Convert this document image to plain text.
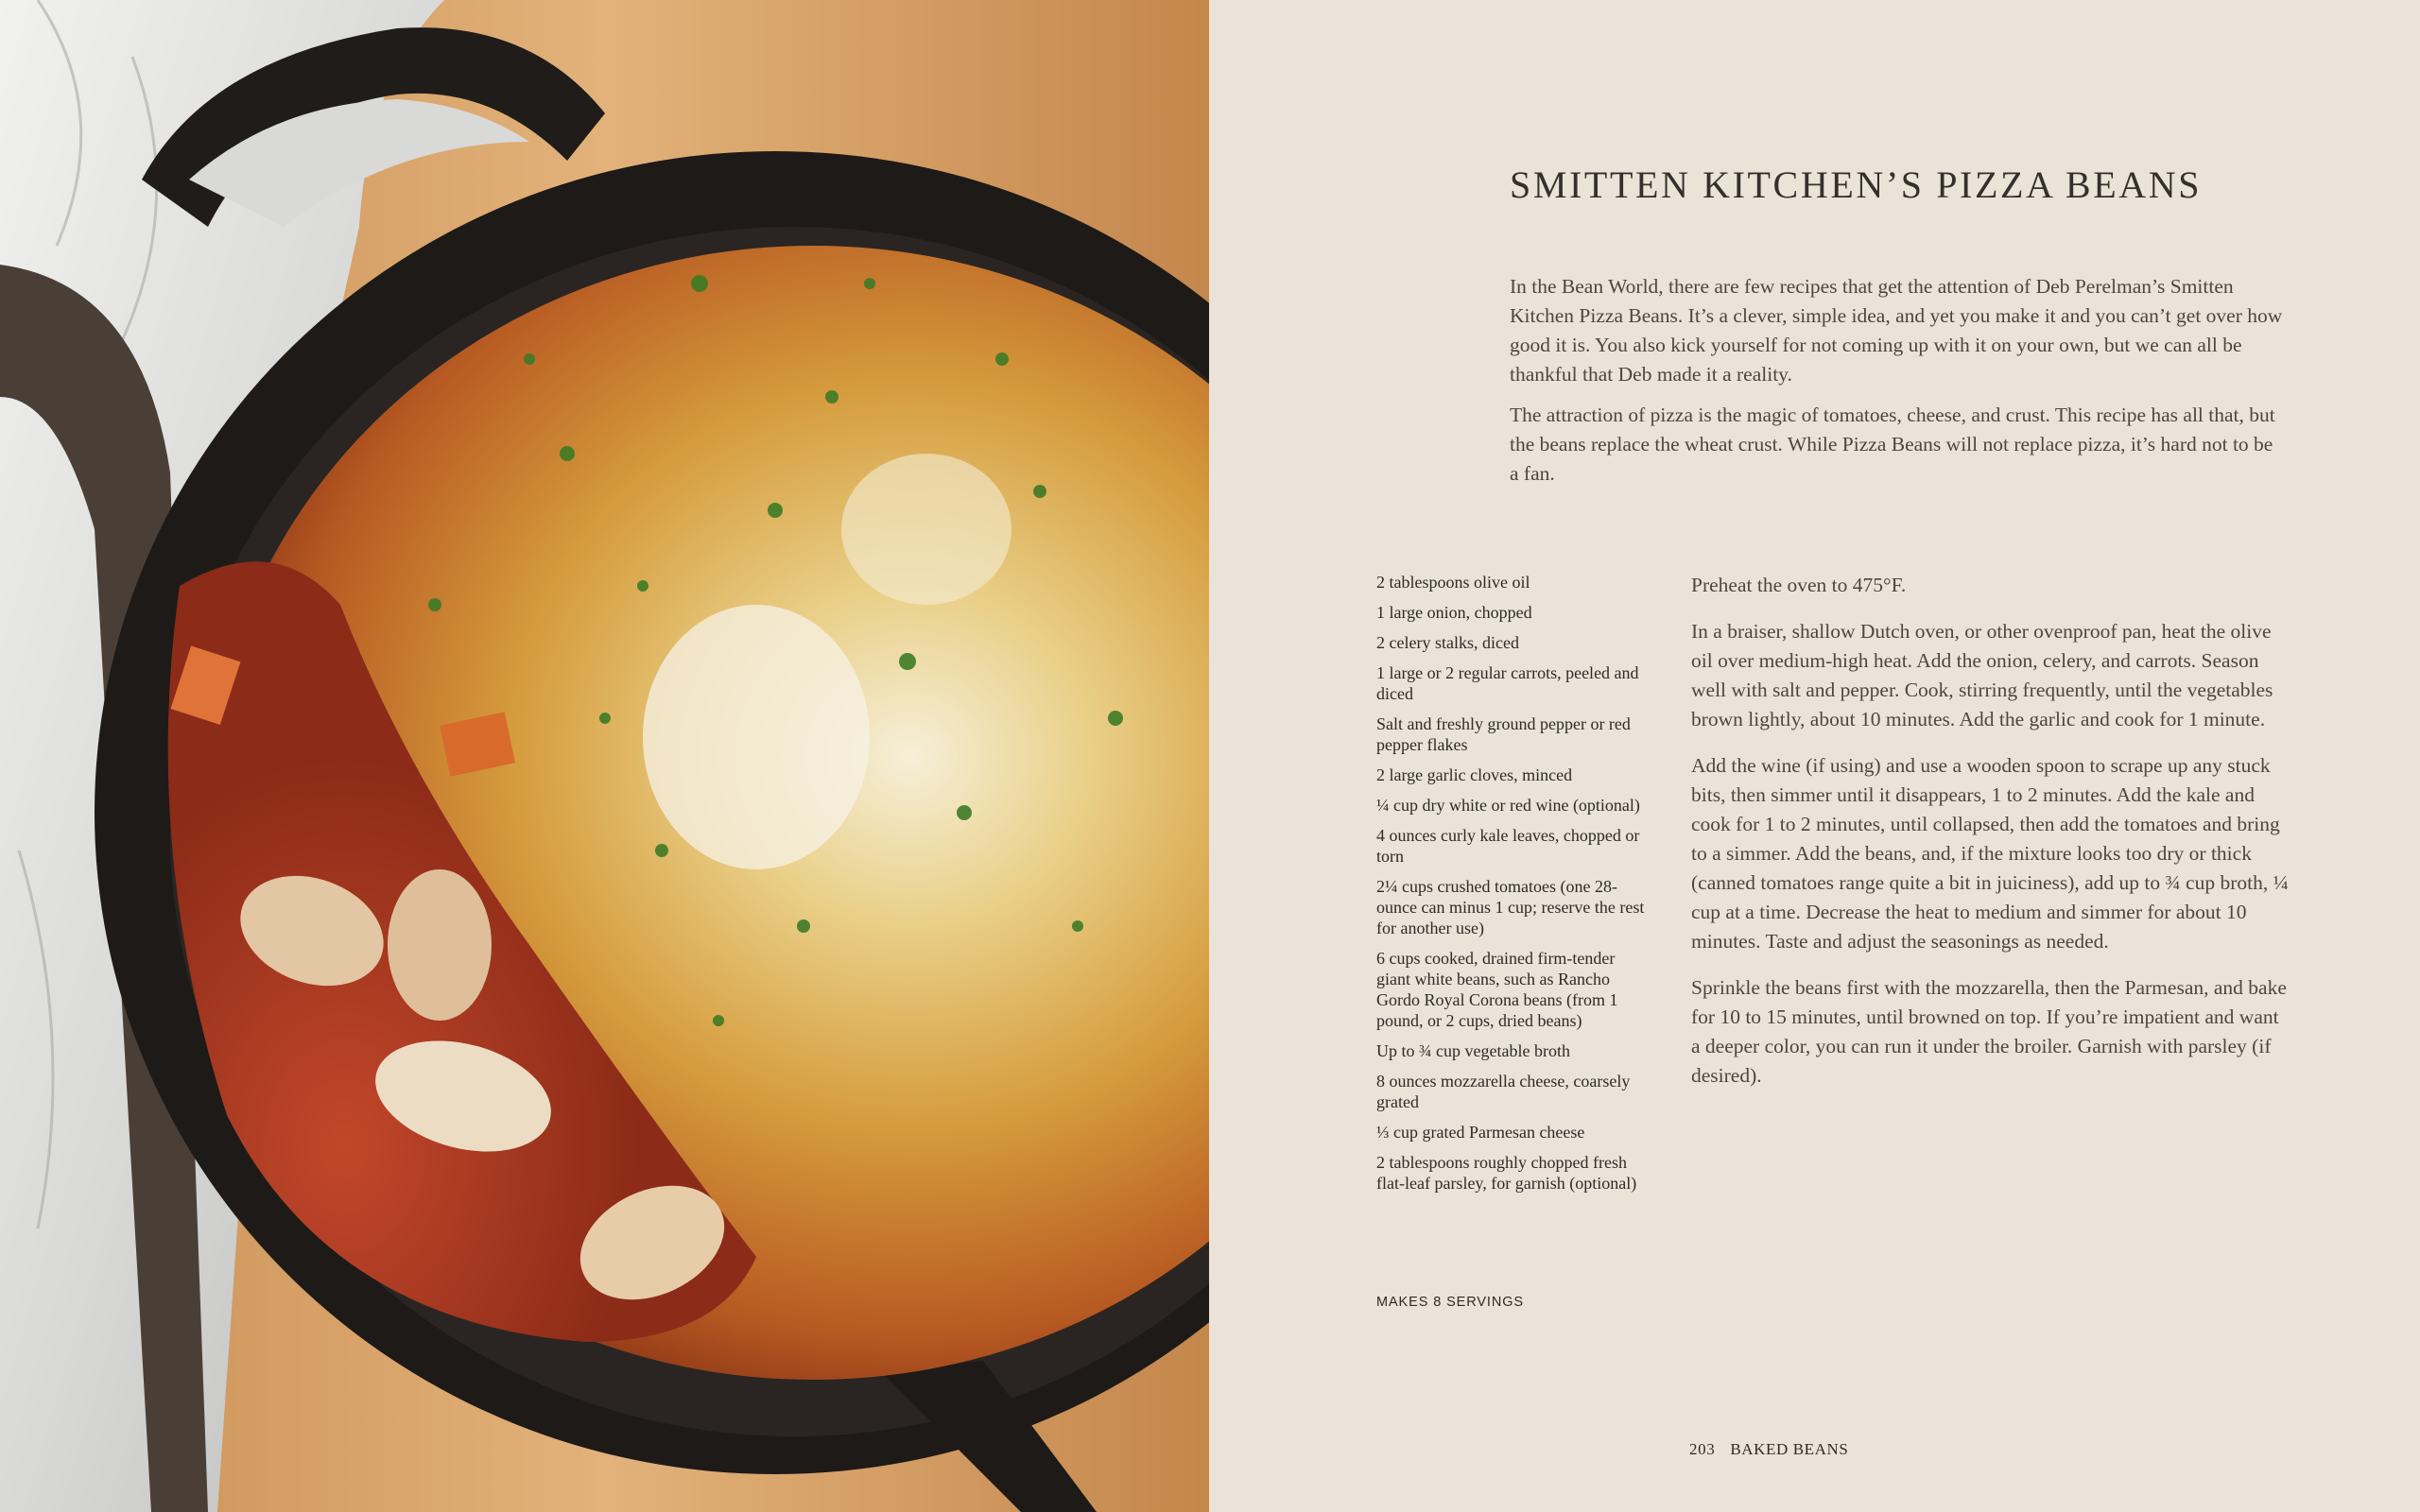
SMITTEN KITCHEN’S PIZZA BEANS

In the Bean World, there are few recipes that get the attention of Deb Perelman’s Smitten Kitchen Pizza Beans. It’s a clever, simple idea, and yet you make it and you can’t get over how good it is. You also kick yourself for not coming up with it on your own, but we can all be thankful that Deb made it a reality.

The attraction of pizza is the magic of tomatoes, cheese, and crust. This recipe has all that, but the beans replace the wheat crust. While Pizza Beans will not replace pizza, it’s hard not to be a fan.

2 tablespoons olive oil
1 large onion, chopped
2 celery stalks, diced
1 large or 2 regular carrots, peeled and diced
Salt and freshly ground pepper or red pepper flakes
2 large garlic cloves, minced
¼ cup dry white or red wine (optional)
4 ounces curly kale leaves, chopped or torn
2¼ cups crushed tomatoes (one 28-ounce can minus 1 cup; reserve the rest for another use)
6 cups cooked, drained firm-tender giant white beans, such as Rancho Gordo Royal Corona beans (from 1 pound, or 2 cups, dried beans)
Up to ¾ cup vegetable broth
8 ounces mozzarella cheese, coarsely grated
⅓ cup grated Parmesan cheese
2 tablespoons roughly chopped fresh flat-leaf parsley, for garnish (optional)
MAKES 8 SERVINGS

Preheat the oven to 475°F.

In a braiser, shallow Dutch oven, or other ovenproof pan, heat the olive oil over medium-high heat. Add the onion, celery, and carrots. Season well with salt and pepper. Cook, stirring frequently, until the vegetables brown lightly, about 10 minutes. Add the garlic and cook for 1 minute.

Add the wine (if using) and use a wooden spoon to scrape up any stuck bits, then simmer until it disappears, 1 to 2 minutes. Add the kale and cook for 1 to 2 minutes, until collapsed, then add the tomatoes and bring to a simmer. Add the beans, and, if the mixture looks too dry or thick (canned tomatoes range quite a bit in juiciness), add up to ¾ cup broth, ¼ cup at a time. Decrease the heat to medium and simmer for about 10 minutes. Taste and adjust the seasonings as needed.

Sprinkle the beans first with the mozzarella, then the Parmesan, and bake for 10 to 15 minutes, until browned on top. If you’re impatient and want a deeper color, you can run it under the broiler. Garnish with parsley (if desired).

203 BAKED BEANS
